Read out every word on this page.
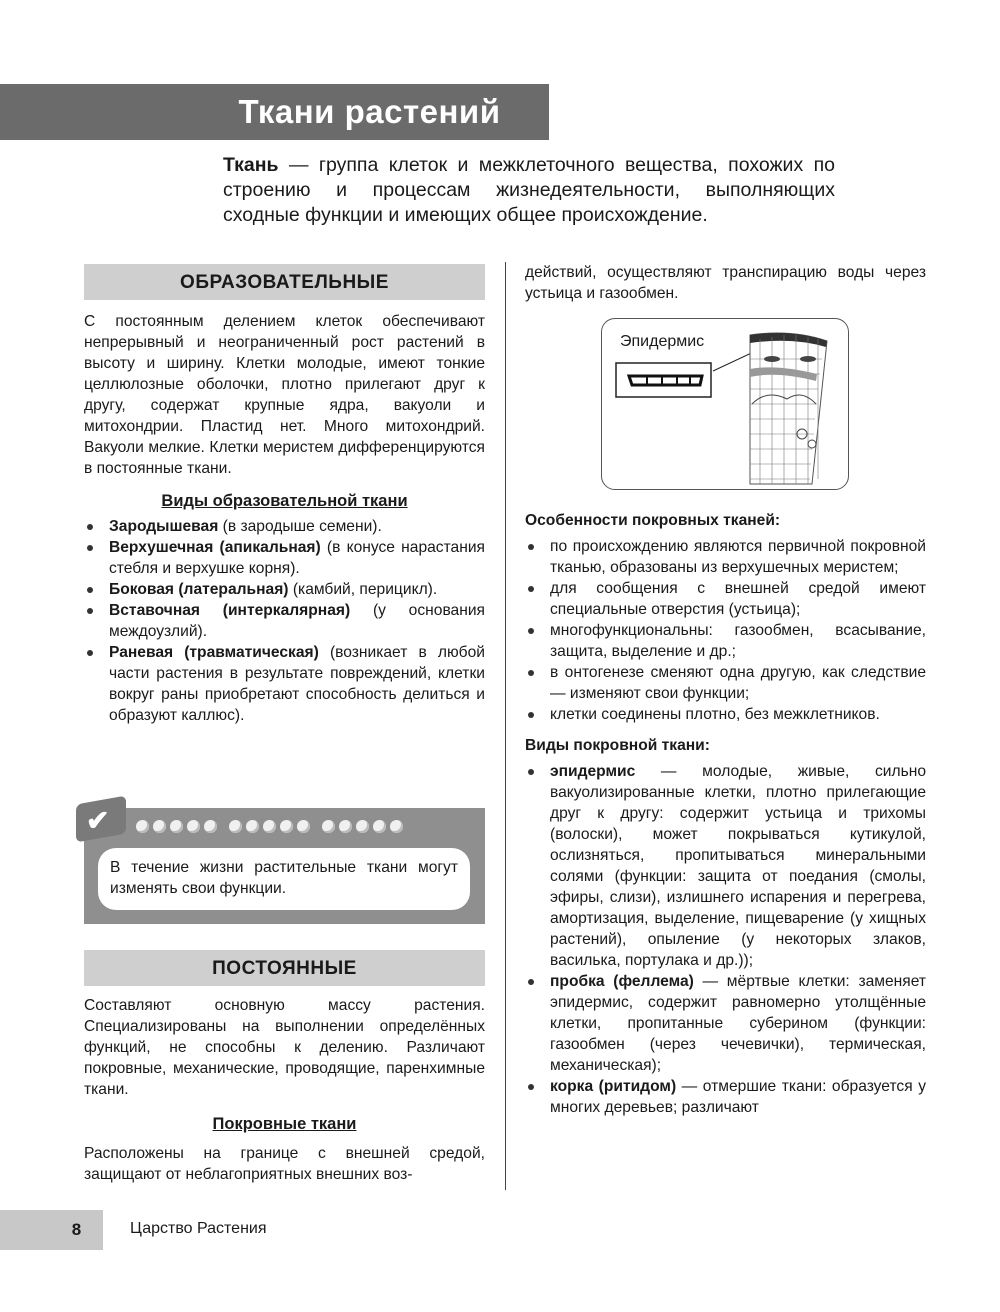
Ткани растений

Ткань — группа клеток и межклеточного вещества, похожих по строению и процессам жизнедеятельности, выполняющих сходные функции и имеющих общее происхождение.

ОБРАЗОВАТЕЛЬНЫЕ

С постоянным делением клеток обеспечивают непрерывный и неограниченный рост растений в высоту и ширину. Клетки молодые, имеют тонкие целлюлозные оболочки, плотно прилегают друг к другу, содержат крупные ядра, вакуоли и митохондрии. Пластид нет. Много митохондрий. Вакуоли мелкие. Клетки меристем дифференцируются в постоянные ткани.

Виды образовательной ткани
Зародышевая (в зародыше семени).
Верхушечная (апикальная) (в конусе нарастания стебля и верхушке корня).
Боковая (латеральная) (камбий, перицикл).
Вставочная (интеркалярная) (у основания междоузлий).
Раневая (травматическая) (возникает в любой части растения в результате повреждений, клетки вокруг раны приобретают способность делиться и образуют каллюс).
✔
В течение жизни растительные ткани могут изменять свои функции.
ПОСТОЯННЫЕ

Составляют основную массу растения. Специализированы на выполнении определённых функций, не способны к делению. Различают покровные, механические, проводящие, паренхимные ткани.

Покровные ткани

Расположены на границе с внешней средой, защищают от неблагоприятных внешних воз-

действий, осуществляют транспирацию воды через устьица и газообмен.

Эпидермис
Особенности покровных тканей:
по происхождению являются первичной покровной тканью, образованы из верхушечных меристем;
для сообщения с внешней средой имеют специальные отверстия (устьица);
многофункциональны: газообмен, всасывание, защита, выделение и др.;
в онтогенезе сменяют одна другую, как следствие — изменяют свои функции;
клетки соединены плотно, без межклетников.
Виды покровной ткани:
эпидермис — молодые, живые, сильно вакуолизированные клетки, плотно прилегающие друг к другу: содержит устьица и трихомы (волоски), может покрываться кутикулой, ослизняться, пропитываться минеральными солями (функции: защита от поедания (смолы, эфиры, слизи), излишнего испарения и перегрева, амортизация, выделение, пищеварение (у хищных растений), опыление (у некоторых злаков, василька, портулака и др.));
пробка (феллема) — мёртвые клетки: заменяет эпидермис, содержит равномерно утолщённые клетки, пропитанные суберином (функции: газообмен (через чечевички), термическая, механическая);
корка (ритидом) — отмершие ткани: образуется у многих деревьев; различают
8	Царство Растения
